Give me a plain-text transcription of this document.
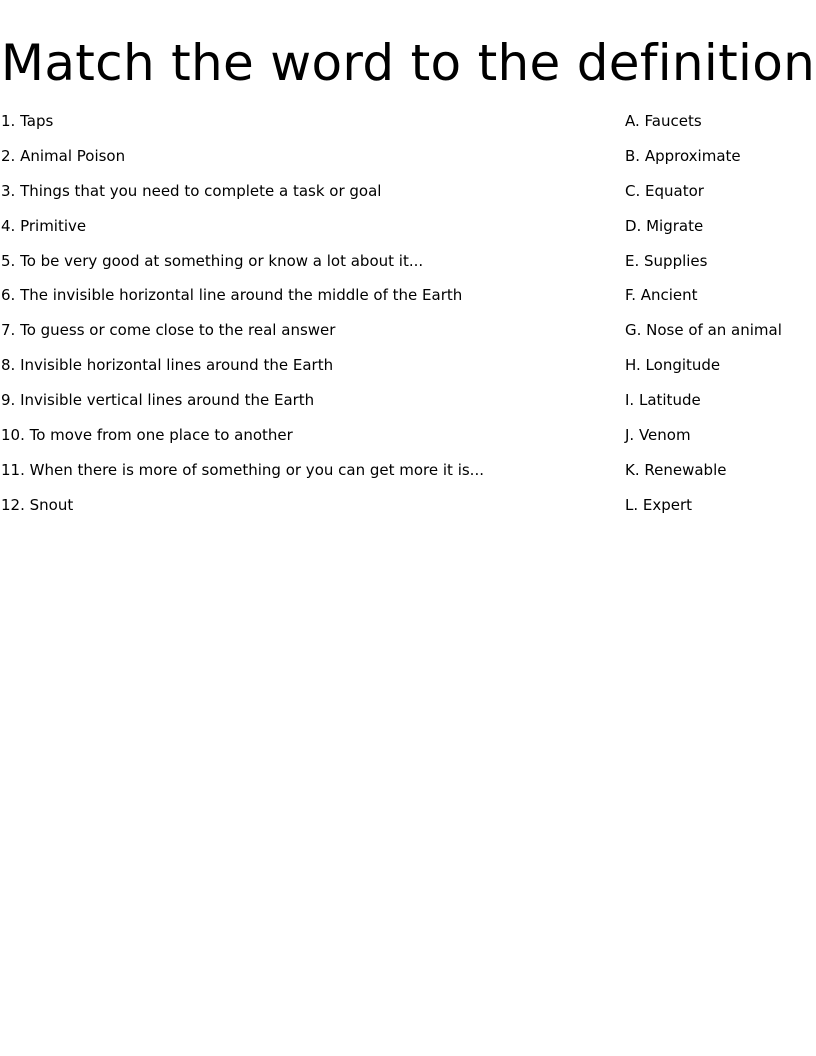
Match the word to the definition
1. Taps
2. Animal Poison
3. Things that you need to complete a task or goal
4. Primitive
5. To be very good at something or know a lot about it...
6. The invisible horizontal line around the middle of the Earth
7. To guess or come close to the real answer
8. Invisible horizontal lines around the Earth
9. Invisible vertical lines around the Earth
10. To move from one place to another
11. When there is more of something or you can get more it is...
12. Snout
A. Faucets
B. Approximate
C. Equator
D. Migrate
E. Supplies
F. Ancient
G. Nose of an animal
H. Longitude
I. Latitude
J. Venom
K. Renewable
L. Expert
